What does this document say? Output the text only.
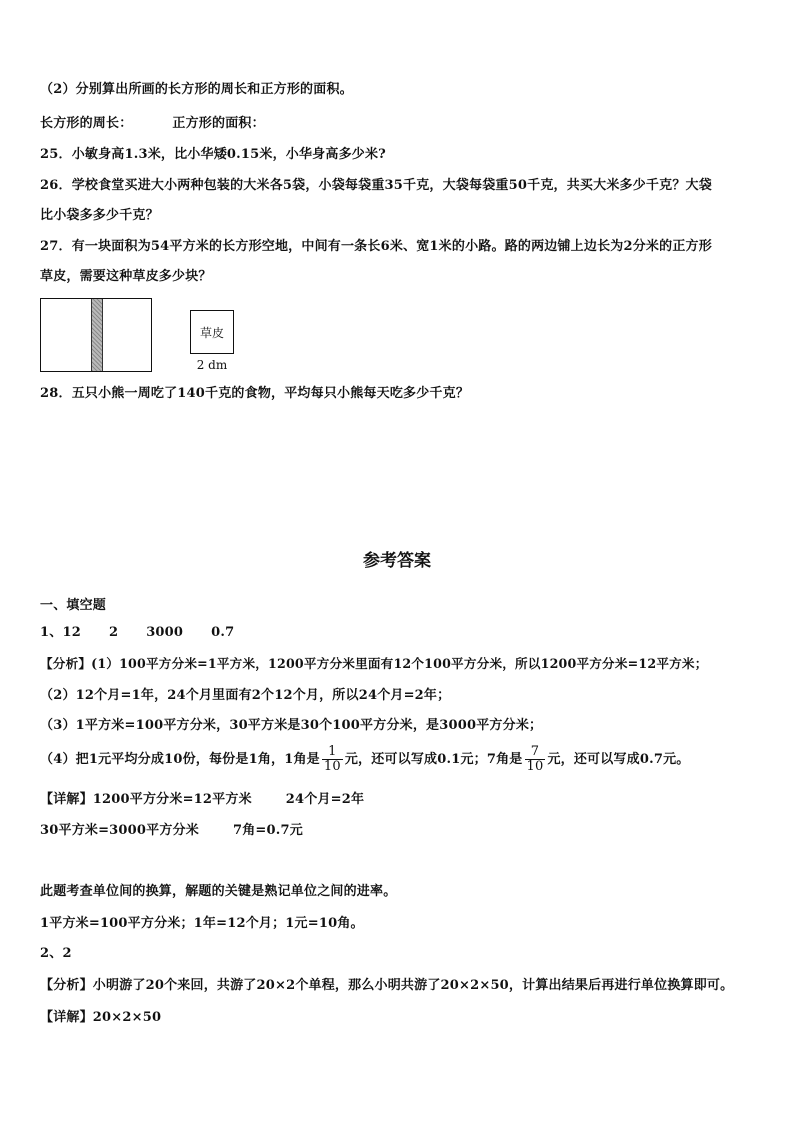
（2）分别算出所画的长方形的周长和正方形的面积。
长方形的周长：	正方形的面积：
25．小敏身高1.3米，比小华矮0.15米，小华身高多少米?
26．学校食堂买进大小两种包装的大米各5袋，小袋每袋重35千克，大袋每袋重50千克，共买大米多少千克？大袋
比小袋多多少千克？
27．有一块面积为54平方米的长方形空地，中间有一条长6米、宽1米的小路。路的两边铺上边长为2分米的正方形
草皮，需要这种草皮多少块？
草皮
2 dm
28．五只小熊一周吃了140千克的食物，平均每只小熊每天吃多少千克？
参考答案
一、填空题
1、12 2 3000 0.7
【分析】(1）100平方分米=1平方米，1200平方分米里面有12个100平方分米，所以1200平方分米=12平方米；
（2）12个月=1年，24个月里面有2个12个月，所以24个月=2年；
（3）1平方米=100平方分米，30平方米是30个100平方分米，是3000平方分米；
（4）把1元平均分成10份，每份是1角，1角是 $\frac{1}{10}$ 元，还可以写成0.1元；7角是 $\frac{7}{10}$ 元，还可以写成0.7元。
【详解】1200平方分米=12平方米	24个月=2年
30平方米=3000平方分米	7角=0.7元
此题考查单位间的换算，解题的关键是熟记单位之间的进率。
1平方米=100平方分米；1年=12个月；1元=10角。
2、2
【分析】小明游了20个来回，共游了20×2个单程，那么小明共游了20×2×50，计算出结果后再进行单位换算即可。
【详解】20×2×50
